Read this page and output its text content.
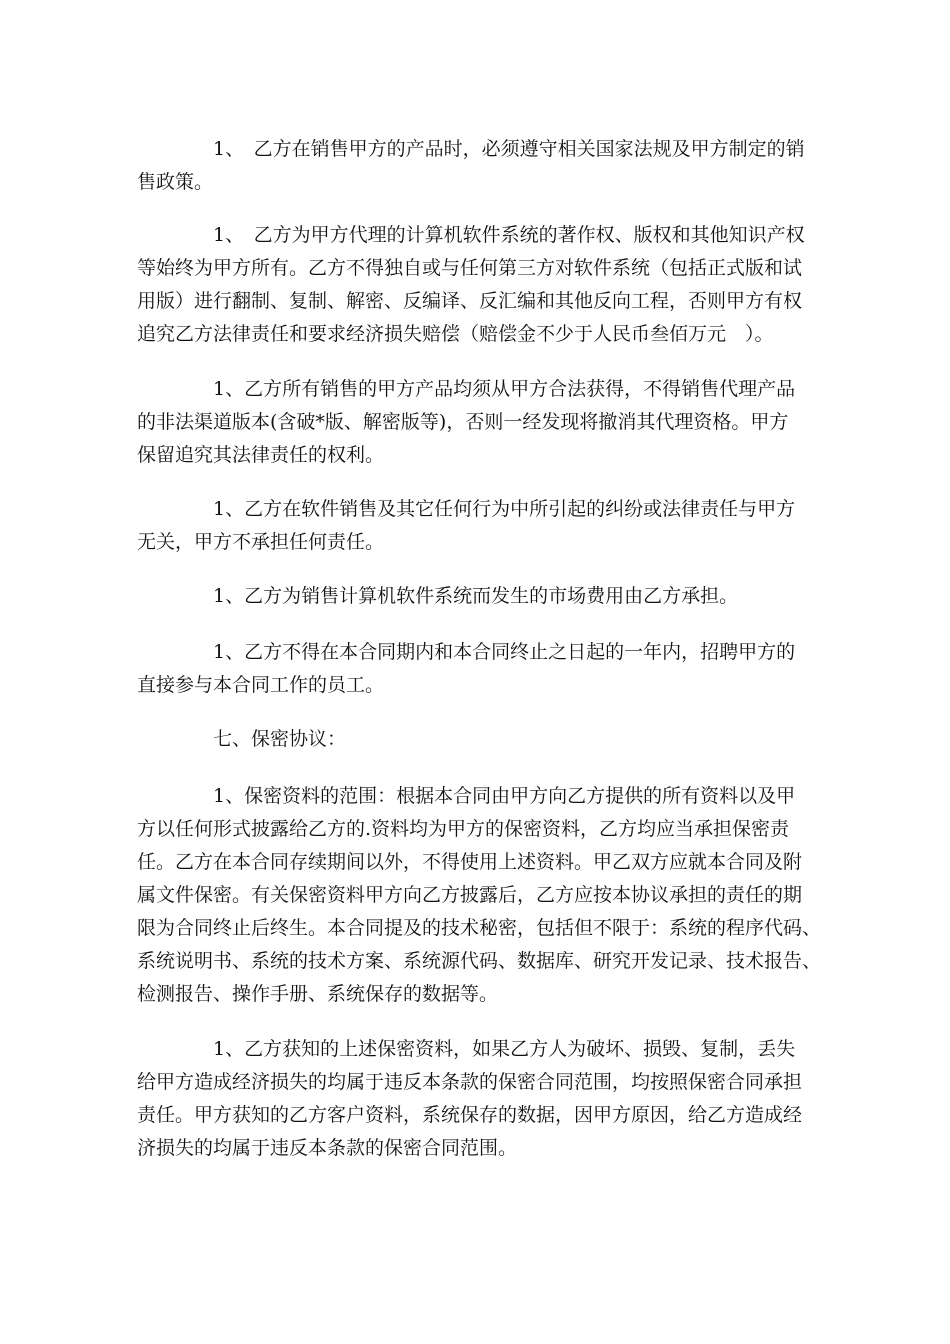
1、　乙方在销售甲方的产品时，必须遵守相关国家法规及甲方制定的销
售政策。
1、　乙方为甲方代理的计算机软件系统的著作权、版权和其他知识产权
等始终为甲方所有。乙方不得独自或与任何第三方对软件系统（包括正式版和试
用版）进行翻制、复制、解密、反编译、反汇编和其他反向工程，否则甲方有权
追究乙方法律责任和要求经济损失赔偿（赔偿金不少于人民币叁佰万元　）。
1、乙方所有销售的甲方产品均须从甲方合法获得，不得销售代理产品
的非法渠道版本(含破*版、解密版等)，否则一经发现将撤消其代理资格。甲方
保留追究其法律责任的权利。
1、乙方在软件销售及其它任何行为中所引起的纠纷或法律责任与甲方
无关，甲方不承担任何责任。
1、乙方为销售计算机软件系统而发生的市场费用由乙方承担。
1、乙方不得在本合同期内和本合同终止之日起的一年内，招聘甲方的
直接参与本合同工作的员工。
七、保密协议：
1、保密资料的范围：根据本合同由甲方向乙方提供的所有资料以及甲
方以任何形式披露给乙方的.资料均为甲方的保密资料，乙方均应当承担保密责
任。乙方在本合同存续期间以外，不得使用上述资料。甲乙双方应就本合同及附
属文件保密。有关保密资料甲方向乙方披露后，乙方应按本协议承担的责任的期
限为合同终止后终生。本合同提及的技术秘密，包括但不限于：系统的程序代码、
系统说明书、系统的技术方案、系统源代码、数据库、研究开发记录、技术报告、
检测报告、操作手册、系统保存的数据等。
1、乙方获知的上述保密资料，如果乙方人为破坏、损毁、复制，丢失
给甲方造成经济损失的均属于违反本条款的保密合同范围，均按照保密合同承担
责任。甲方获知的乙方客户资料，系统保存的数据，因甲方原因，给乙方造成经
济损失的均属于违反本条款的保密合同范围。
